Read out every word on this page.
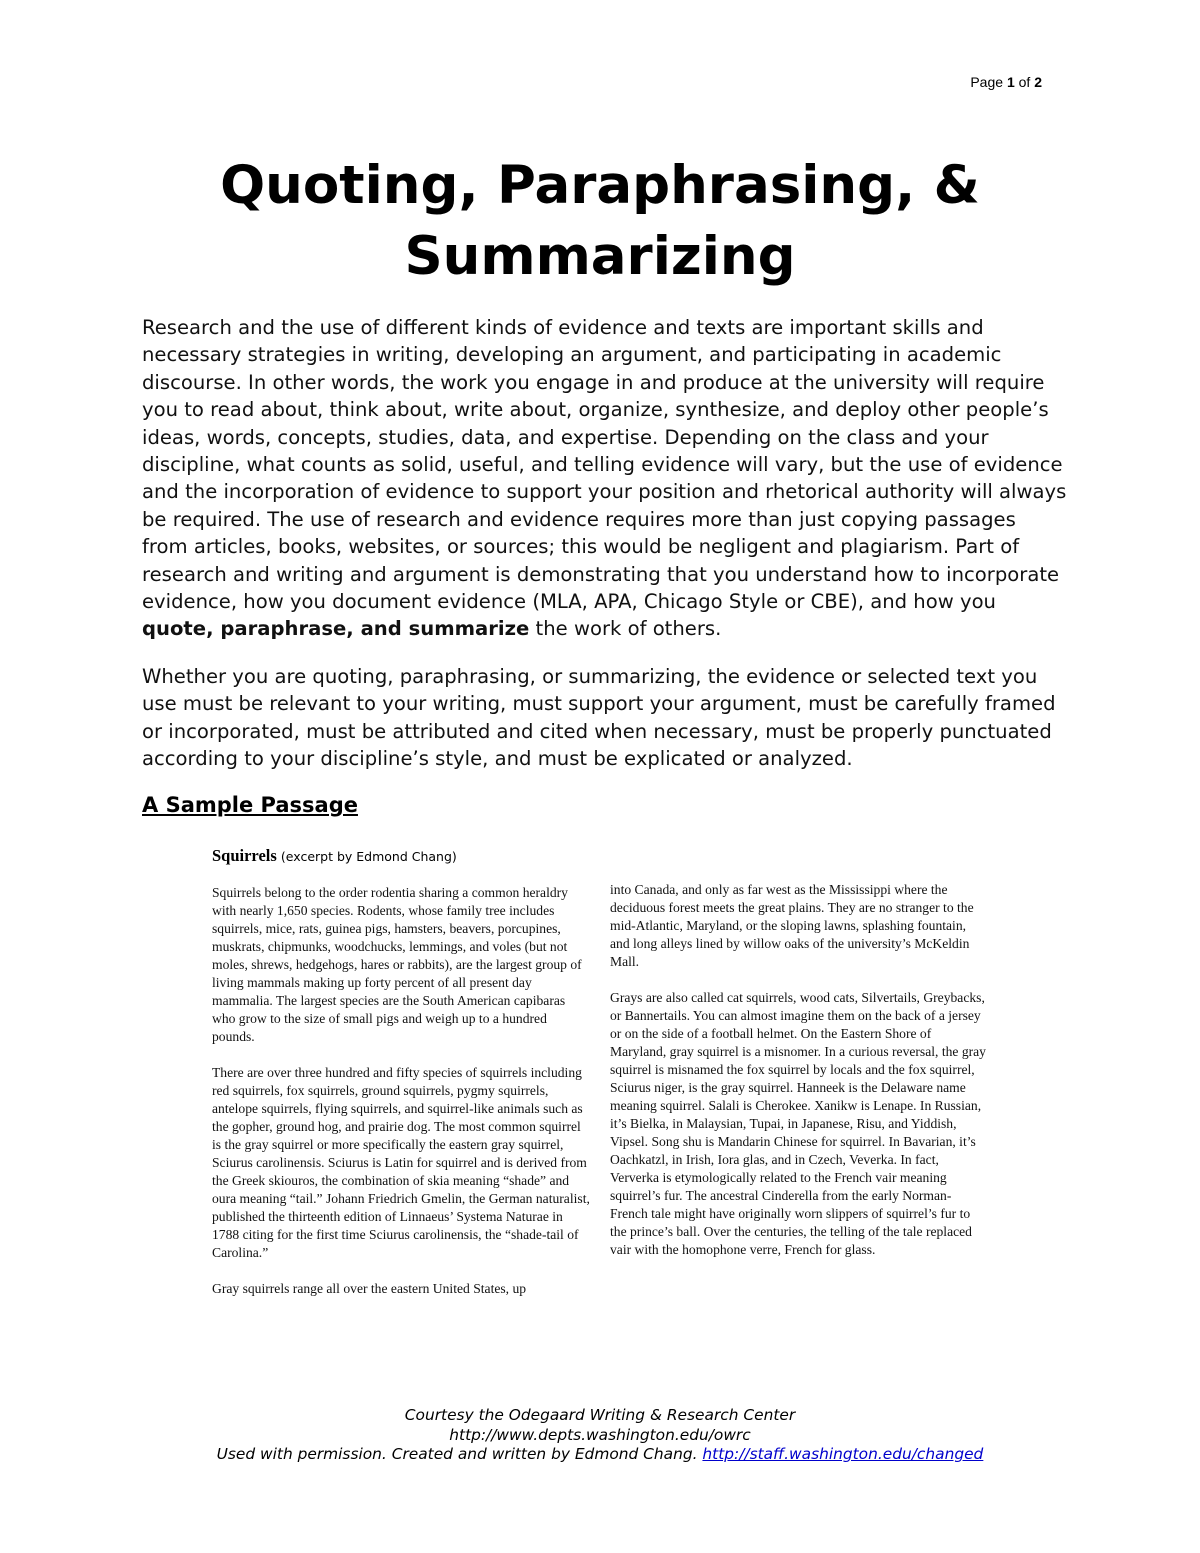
Page 1 of 2
Quoting, Paraphrasing, &
Summarizing

Research and the use of different kinds of evidence and texts are important skills and necessary strategies in writing, developing an argument, and participating in academic discourse. In other words, the work you engage in and produce at the university will require you to read about, think about, write about, organize, synthesize, and deploy other people’s ideas, words, concepts, studies, data, and expertise. Depending on the class and your discipline, what counts as solid, useful, and telling evidence will vary, but the use of evidence and the incorporation of evidence to support your position and rhetorical authority will always be required. The use of research and evidence requires more than just copying passages from articles, books, websites, or sources; this would be negligent and plagiarism. Part of research and writing and argument is demonstrating that you understand how to incorporate evidence, how you document evidence (MLA, APA, Chicago Style or CBE), and how you quote, paraphrase, and summarize the work of others.

Whether you are quoting, paraphrasing, or summarizing, the evidence or selected text you use must be relevant to your writing, must support your argument, must be carefully framed or incorporated, must be attributed and cited when necessary, must be properly punctuated according to your discipline’s style, and must be explicated or analyzed.

A Sample Passage
Squirrels (excerpt by Edmond Chang)

Squirrels belong to the order rodentia sharing a common heraldry with nearly 1,650 species. Rodents, whose family tree includes squirrels, mice, rats, guinea pigs, hamsters, beavers, porcupines, muskrats, chipmunks, woodchucks, lemmings, and voles (but not moles, shrews, hedgehogs, hares or rabbits), are the largest group of living mammals making up forty percent of all present day mammalia. The largest species are the South American capibaras who grow to the size of small pigs and weigh up to a hundred pounds.

There are over three hundred and fifty species of squirrels including red squirrels, fox squirrels, ground squirrels, pygmy squirrels, antelope squirrels, flying squirrels, and squirrel-like animals such as the gopher, ground hog, and prairie dog. The most common squirrel is the gray squirrel or more specifically the eastern gray squirrel, Sciurus carolinensis. Sciurus is Latin for squirrel and is derived from the Greek skiouros, the combination of skia meaning “shade” and oura meaning “tail.” Johann Friedrich Gmelin, the German naturalist, published the thirteenth edition of Linnaeus’ Systema Naturae in 1788 citing for the first time Sciurus carolinensis, the “shade-tail of Carolina.”

Gray squirrels range all over the eastern United States, up

into Canada, and only as far west as the Mississippi where the deciduous forest meets the great plains. They are no stranger to the mid-Atlantic, Maryland, or the sloping lawns, splashing fountain, and long alleys lined by willow oaks of the university’s McKeldin Mall.

Grays are also called cat squirrels, wood cats, Silvertails, Greybacks, or Bannertails. You can almost imagine them on the back of a jersey or on the side of a football helmet. On the Eastern Shore of Maryland, gray squirrel is a misnomer. In a curious reversal, the gray squirrel is misnamed the fox squirrel by locals and the fox squirrel, Sciurus niger, is the gray squirrel. Hanneek is the Delaware name meaning squirrel. Salali is Cherokee. Xanikw is Lenape. In Russian, it’s Bielka, in Malaysian, Tupai, in Japanese, Risu, and Yiddish, Vipsel. Song shu is Mandarin Chinese for squirrel. In Bavarian, it’s Oachkatzl, in Irish, Iora glas, and in Czech, Veverka. In fact, Ververka is etymologically related to the French vair meaning squirrel’s fur. The ancestral Cinderella from the early Norman-French tale might have originally worn slippers of squirrel’s fur to the prince’s ball. Over the centuries, the telling of the tale replaced vair with the homophone verre, French for glass.

Courtesy the Odegaard Writing & Research Center
http://www.depts.washington.edu/owrc
Used with permission. Created and written by Edmond Chang. http://staff.washington.edu/changed
